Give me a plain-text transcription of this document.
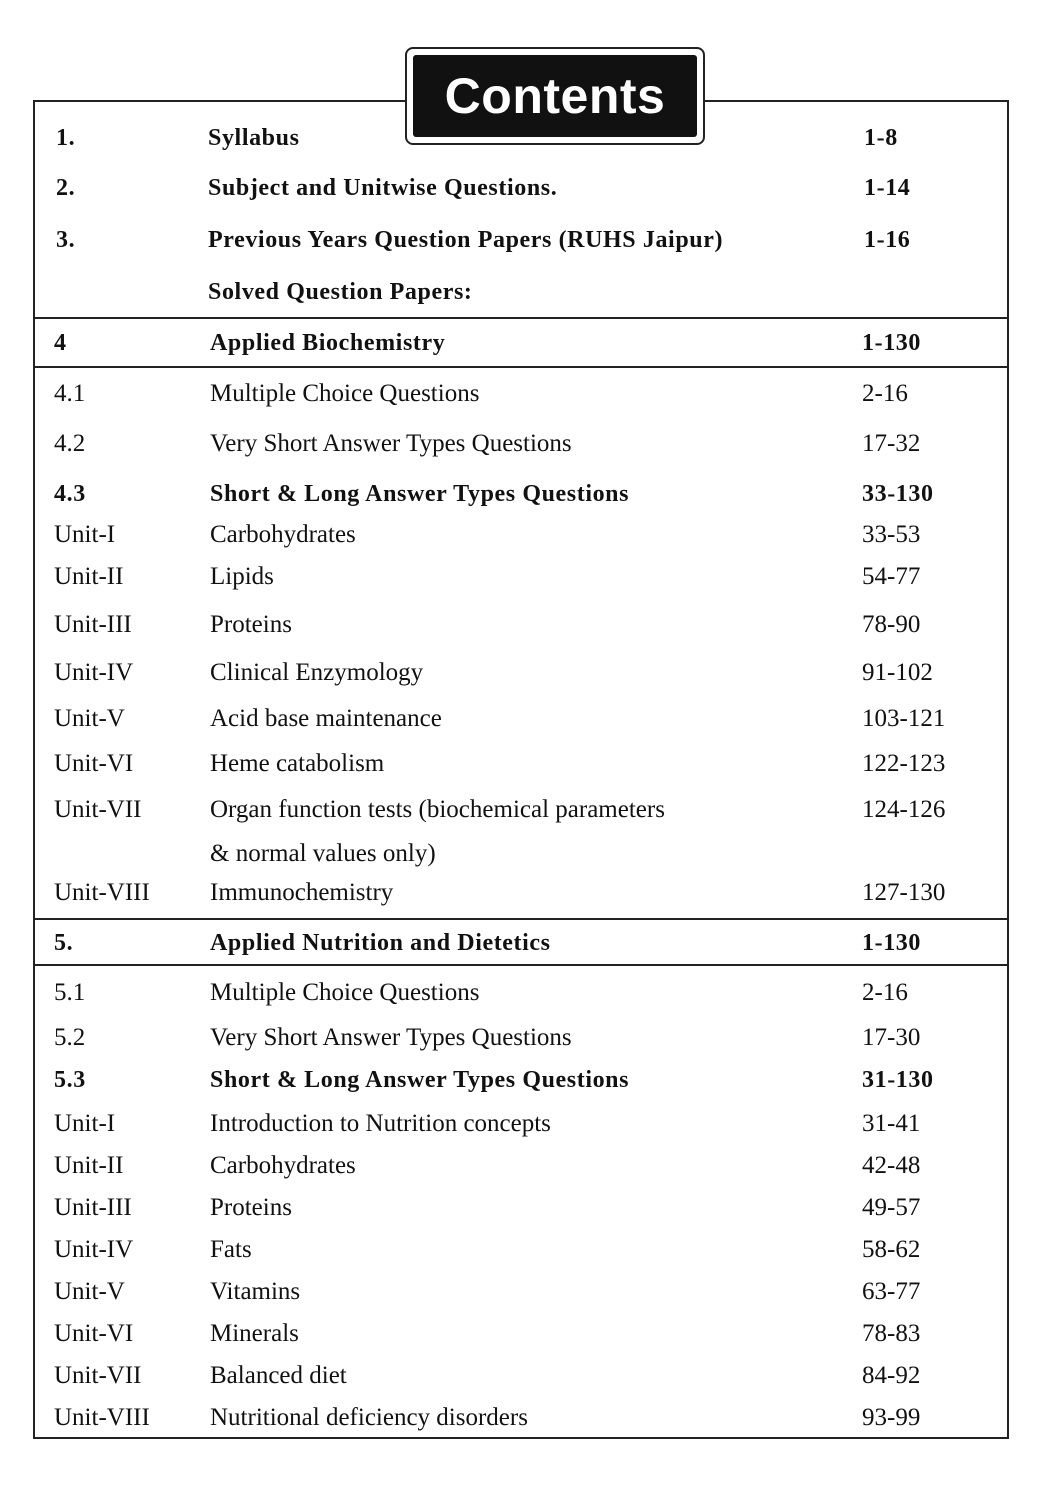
Contents
1.	Syllabus	1-8
2.	Subject and Unitwise Questions.	1-14
3.	Previous Years Question Papers (RUHS Jaipur)	1-16
Solved Question Papers:
4	Applied Biochemistry	1-130
4.1	Multiple Choice Questions	2-16
4.2	Very Short Answer Types Questions	17-32
4.3	Short & Long Answer Types Questions	33-130
Unit-I	Carbohydrates	33-53
Unit-II	Lipids	54-77
Unit-III	Proteins	78-90
Unit-IV	Clinical Enzymology	91-102
Unit-V	Acid base maintenance	103-121
Unit-VI	Heme catabolism	122-123
Unit-VII	Organ function tests (biochemical parameters	124-126
& normal values only)
Unit-VIII Immunochemistry	127-130
5.	Applied Nutrition and Dietetics	1-130
5.1	Multiple Choice Questions	2-16
5.2	Very Short Answer Types Questions	17-30
5.3	Short & Long Answer Types Questions	31-130
Unit-I	Introduction to Nutrition concepts	31-41
Unit-II	Carbohydrates	42-48
Unit-III	Proteins	49-57
Unit-IV	Fats	58-62
Unit-V	Vitamins	63-77
Unit-VI	Minerals	78-83
Unit-VII	Balanced diet	84-92
Unit-VIII Nutritional deficiency disorders	93-99
